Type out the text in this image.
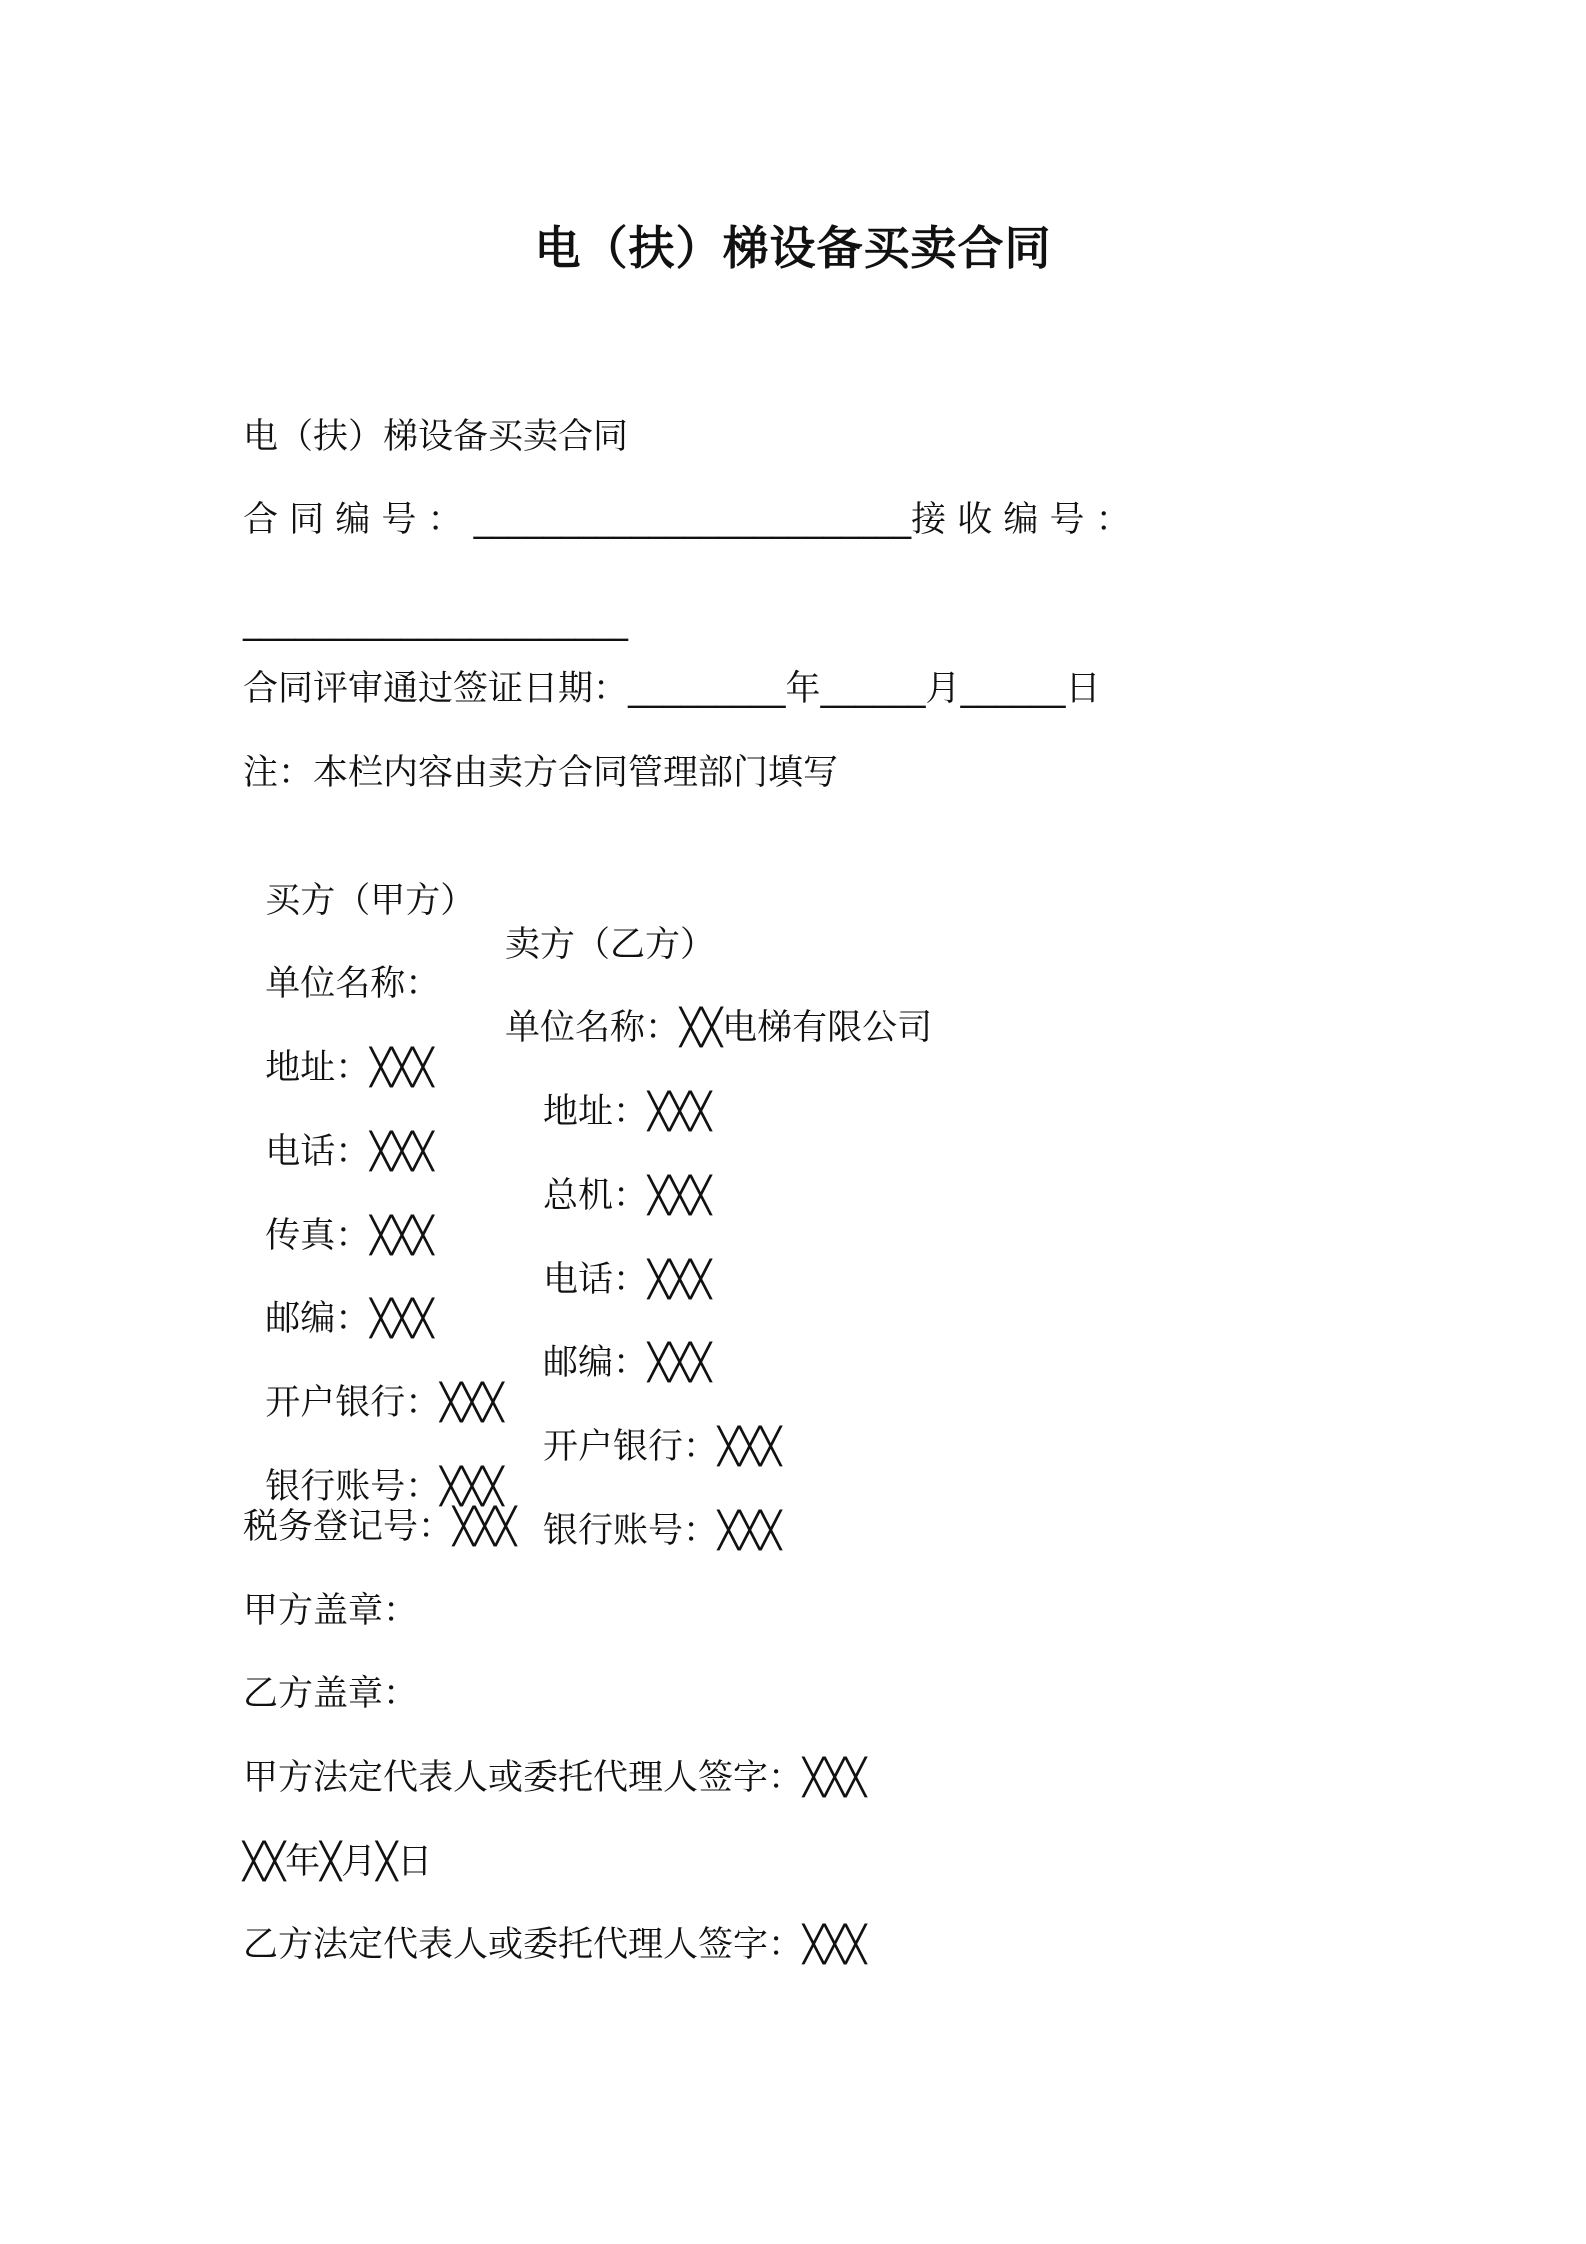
电（扶）梯设备买卖合同
电（扶）梯设备买卖合同
合 同 编 号 ： _________________________接 收 编 号 ：
______________________
合同评审通过签证日期：_________年______月______日
注：本栏内容由卖方合同管理部门填写

买方（甲方）

卖方（乙方）

单位名称：

单位名称：╳╳电梯有限公司

地址：╳╳╳

地址：╳╳╳

电话：╳╳╳

总机：╳╳╳

传真：╳╳╳

电话：╳╳╳

邮编：╳╳╳

邮编：╳╳╳

开户银行：╳╳╳

开户银行：╳╳╳

银行账号：╳╳╳

银行账号：╳╳╳

税务登记号：╳╳╳
甲方盖章：
乙方盖章：
甲方法定代表人或委托代理人签字：╳╳╳
╳╳年╳月╳日
乙方法定代表人或委托代理人签字：╳╳╳
